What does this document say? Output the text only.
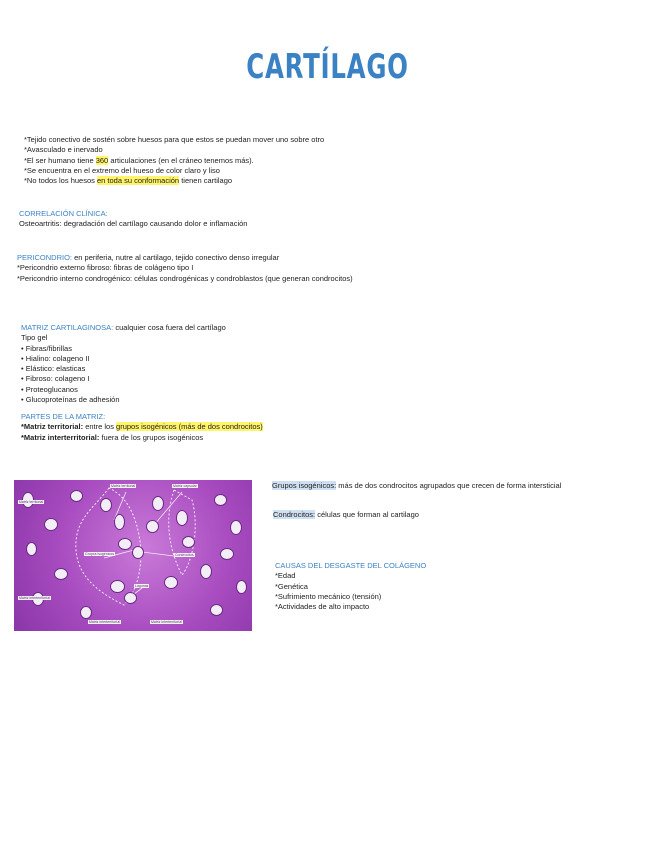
CARTÍLAGO
*Tejido conectivo de sostén sobre huesos para que estos se puedan mover uno sobre otro
*Avasculado e inervado
*El ser humano tiene 360 articulaciones (en el cráneo tenemos más).
*Se encuentra en el extremo del hueso de color claro y liso
*No todos los huesos en toda su conformación tienen cartilago
CORRELACIÓN CLÍNICA:
Osteoartritis: degradación del cartílago causando dolor e inflamación
PERICONDRIO: en periferia, nutre al cartilago, tejido conectivo denso irregular
*Pericondrio externo fibroso: fibras de colágeno tipo I
*Pericondrio interno condrogénico: células condrogénicas y condroblastos (que generan condrocitos)
MATRIZ CARTILAGINOSA: cualquier cosa fuera del cartílago
Tipo gel
• Fibras/fibrillas
• Hialino: colageno II
• Elástico: elasticas
• Fibroso: colageno I
• Proteoglucanos
• Glucoproteínas de adhesión
PARTES DE LA MATRIZ:
*Matriz territorial: entre los grupos isogénicos (más de dos condrocitos)
*Matriz interterritorial: fuera de los grupos isogénicos
Matriz territorial
Matriz territorial	Matriz capsular
Grupos isogénicos	Condrocitos
Lagunas
Matriz interterritorial
Matriz interterritorial	Matriz interterritorial
Grupos isogénicos: más de dos condrocitos agrupados que crecen de forma intersticial
Condrocitos: células que forman al cartilago
CAUSAS DEL DESGASTE DEL COLÁGENO
*Edad
*Genética
*Sufrimiento mecánico (tensión)
*Actividades de alto impacto
